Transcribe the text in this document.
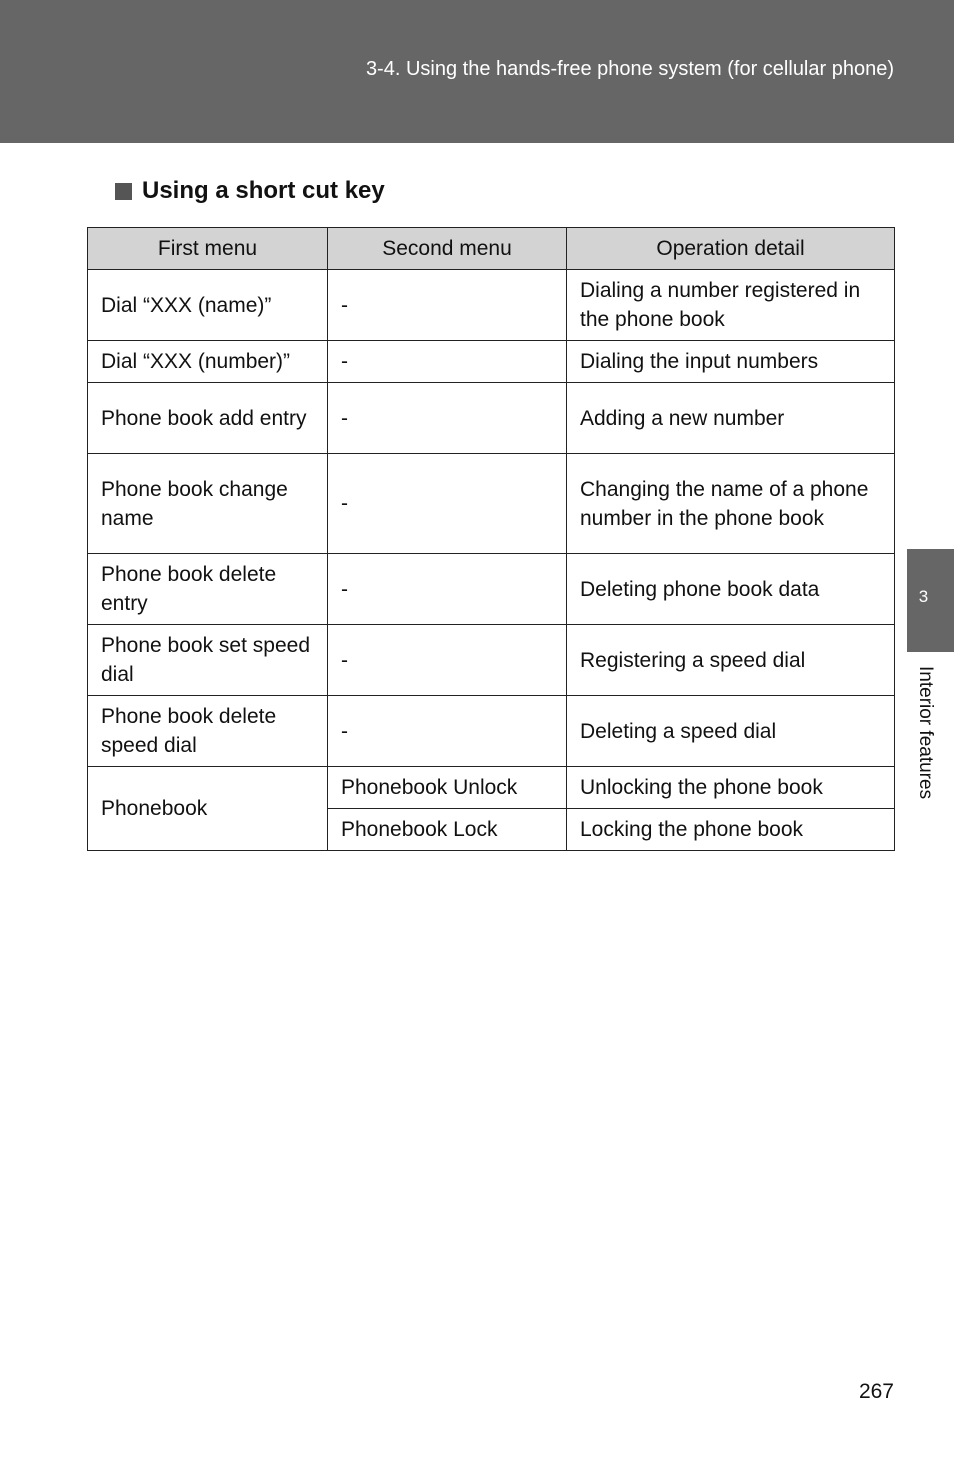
3-4. Using the hands-free phone system (for cellular phone)
Using a short cut key
First menu	Second menu	Operation detail
Dial “XXX (name)”	-	Dialing a number registered in the phone book
Dial “XXX (number)”	-	Dialing the input numbers
Phone book add entry	-	Adding a new number
Phone book change name	-	Changing the name of a phone number in the phone book
Phone book delete entry	-	Deleting phone book data
Phone book set speed dial	-	Registering a speed dial
Phone book delete speed dial	-	Deleting a speed dial
Phonebook	Phonebook Unlock	Unlocking the phone book
	Phonebook Lock	Locking the phone book
3
Interior features
267
